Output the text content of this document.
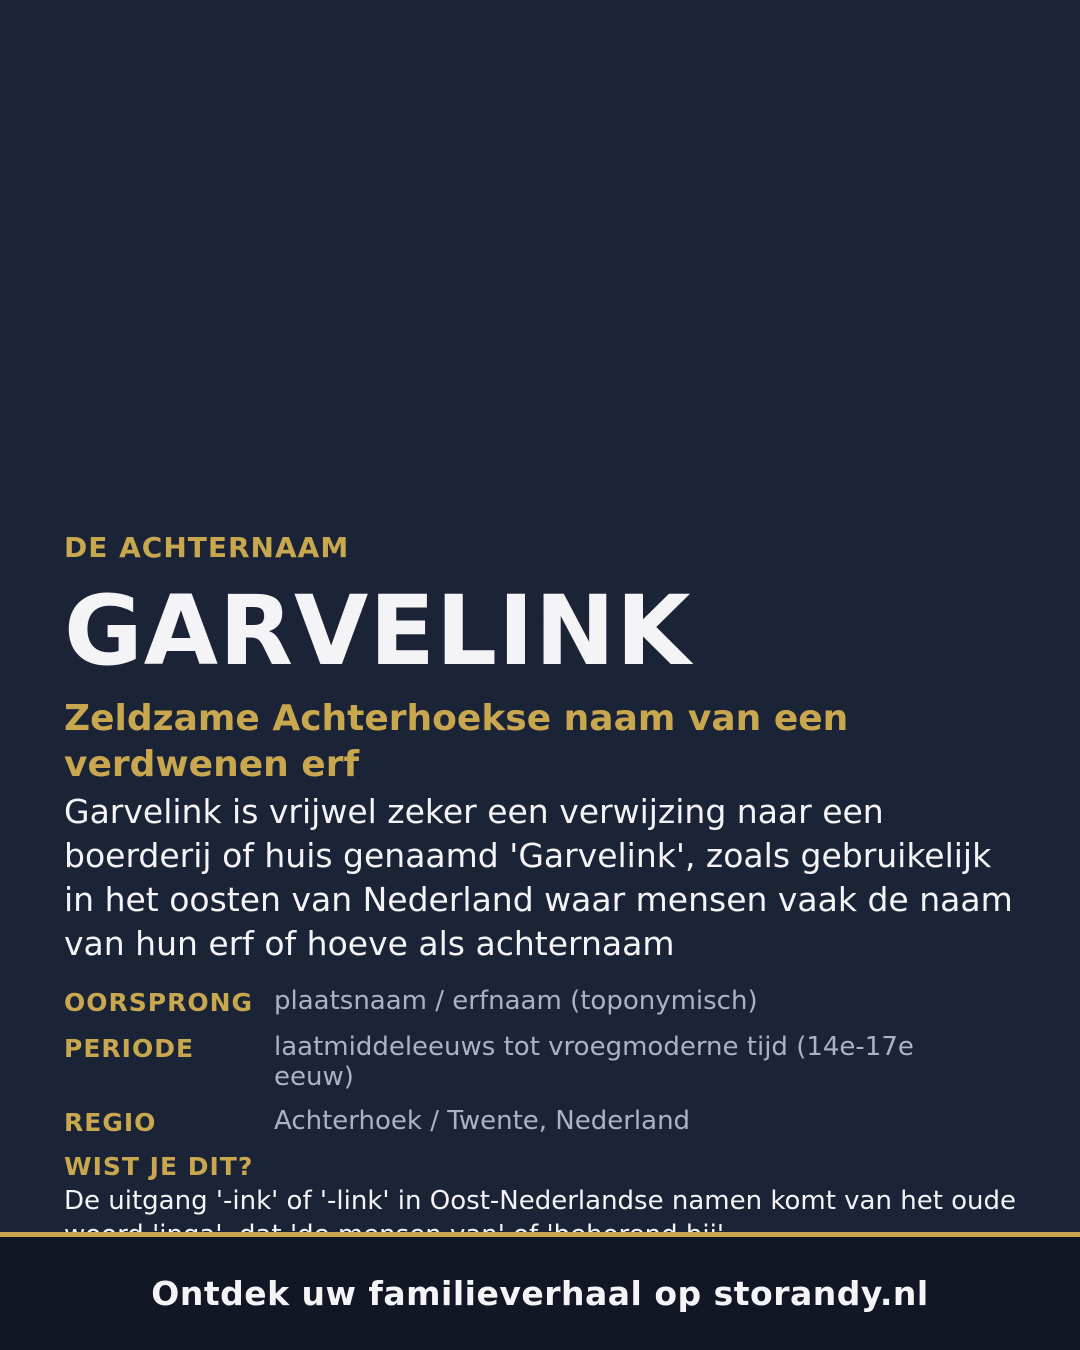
DE ACHTERNAAM
GARVELINK
Zeldzame Achterhoekse naam van een verdwenen erf
Garvelink is vrijwel zeker een verwijzing naar een boerderij of huis genaamd 'Garvelink', zoals gebruikelijk in het oosten van Nederland waar mensen vaak de naam van hun erf of hoeve als achternaam
OORSPRONG plaatsnaam / erfnaam (toponymisch)
PERIODE	laatmiddeleeuws tot vroegmoderne tijd (14e-17e eeuw)
REGIO	Achterhoek / Twente, Nederland
WIST JE DIT?
De uitgang '-ink' of '-link' in Oost-Nederlandse namen komt van het oude
Ontdek uw familieverhaal op storandy.nl
